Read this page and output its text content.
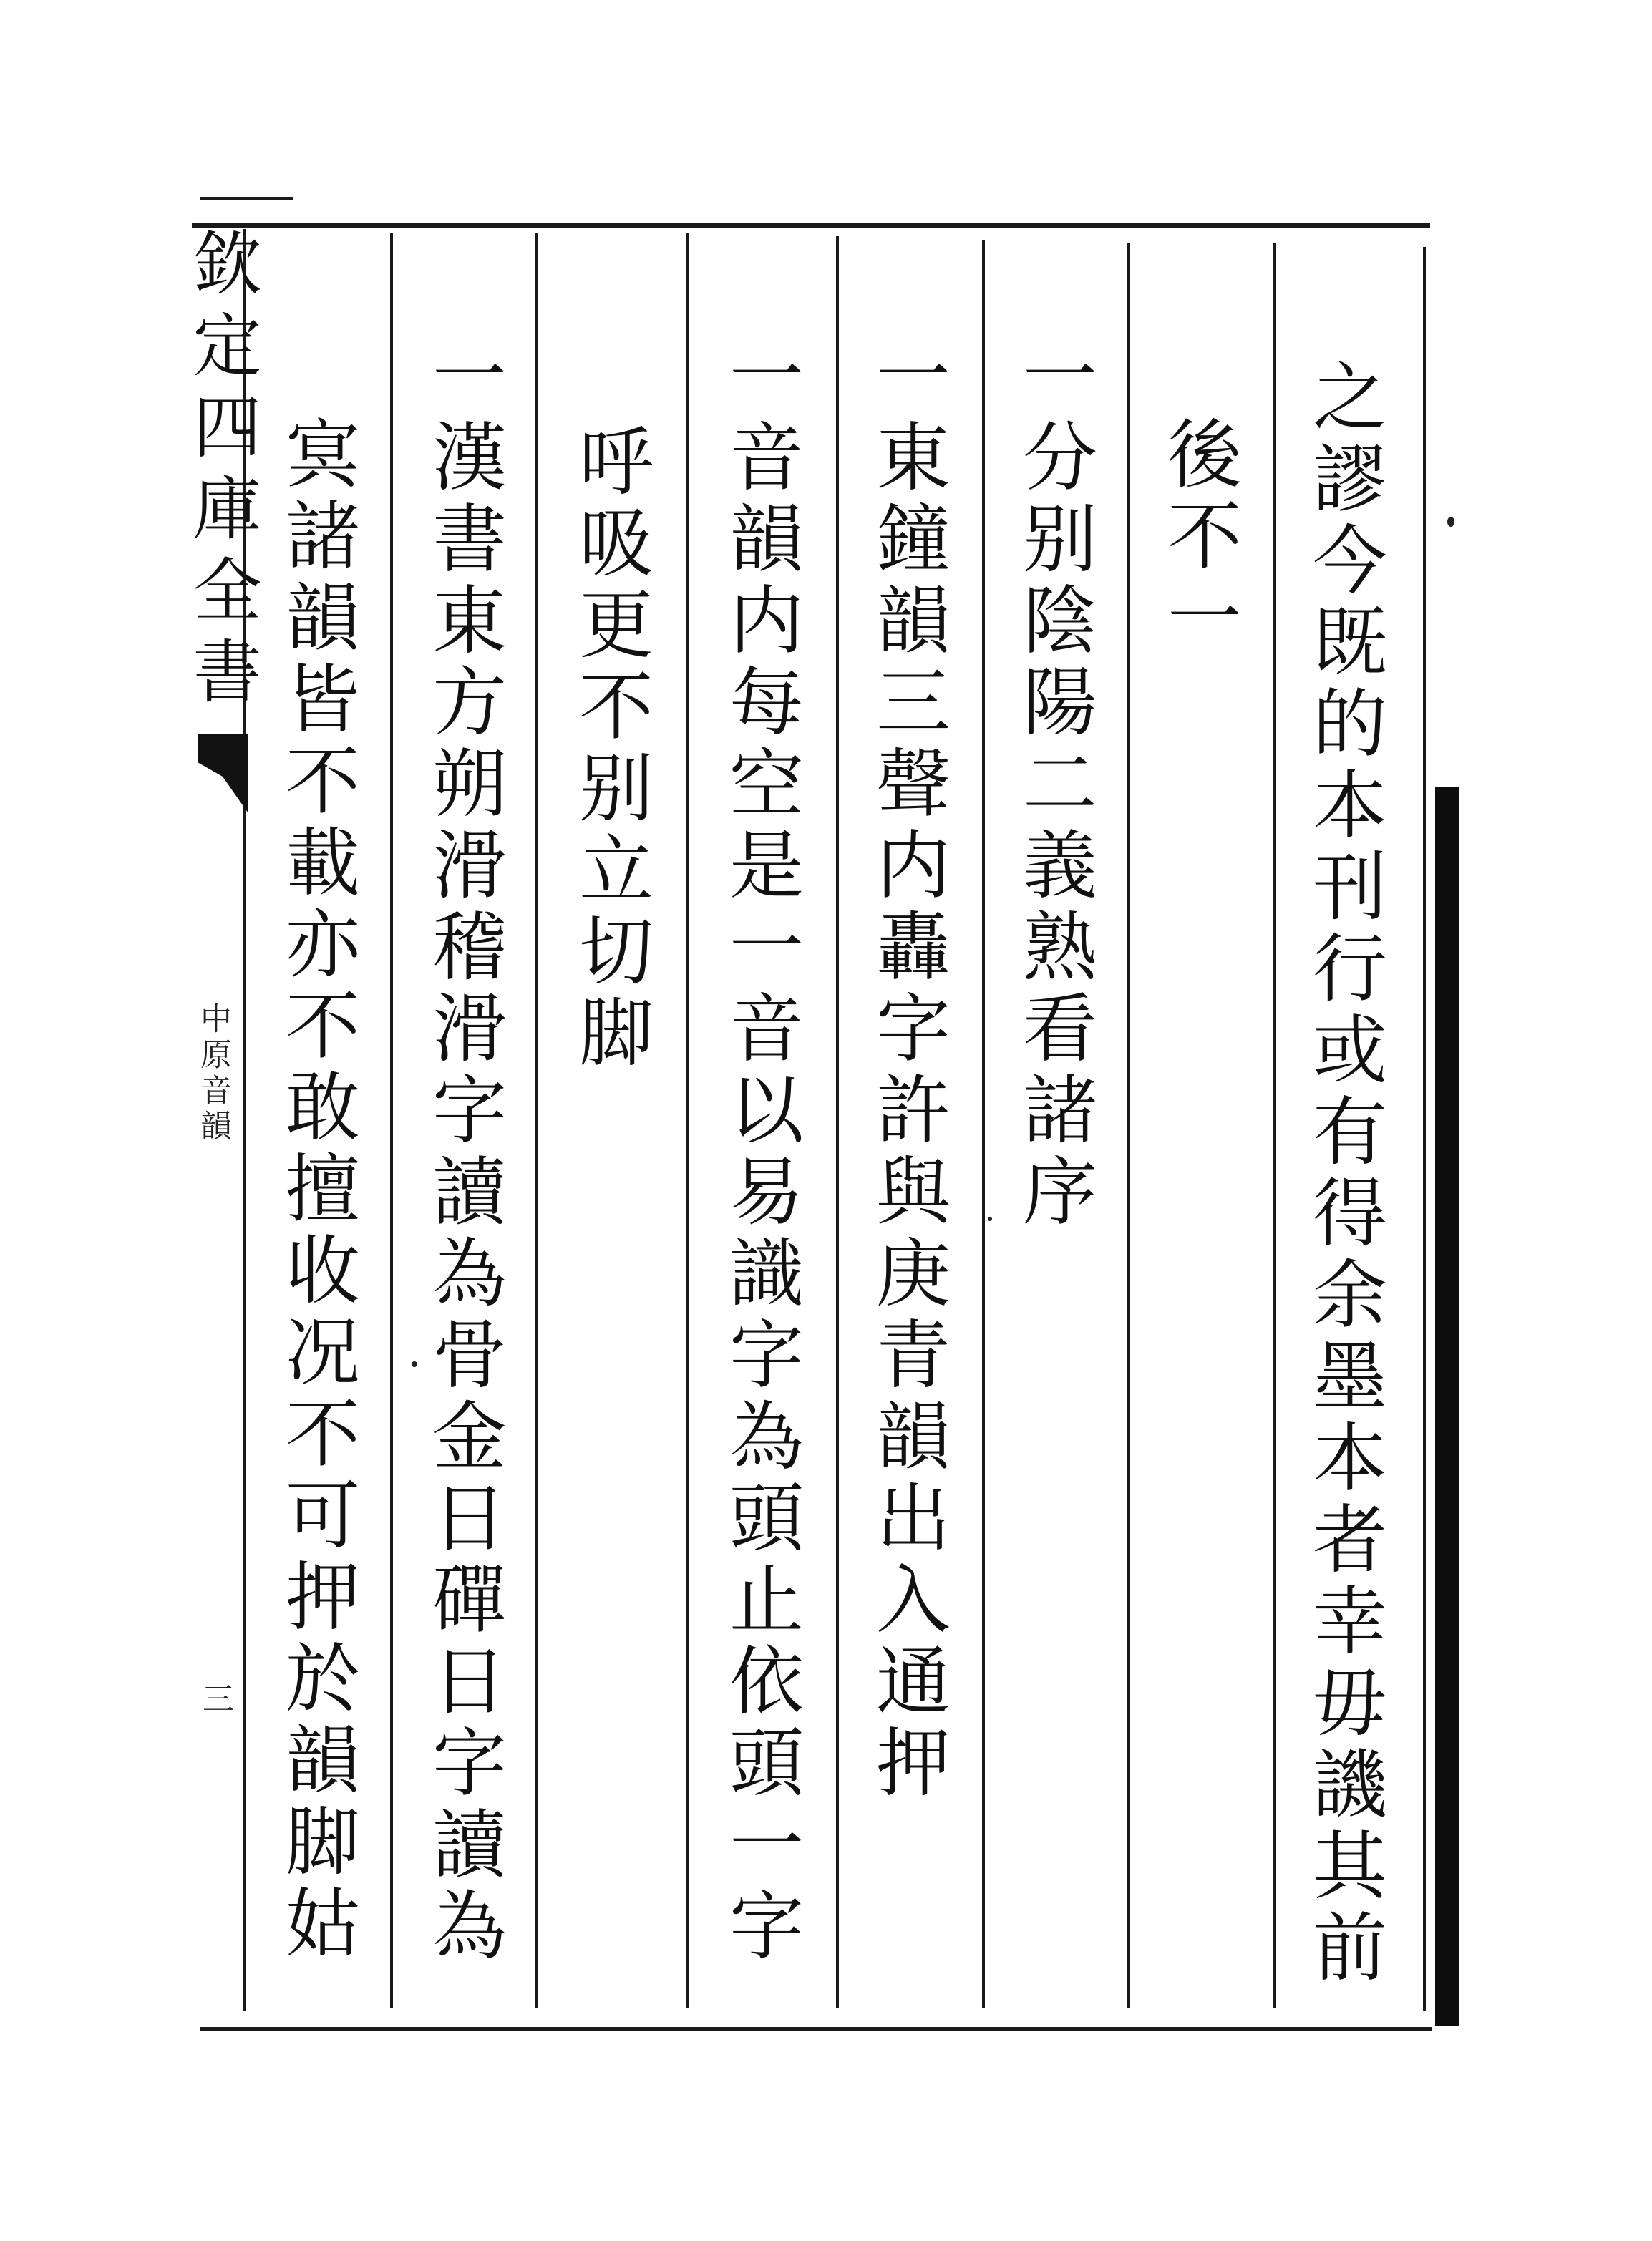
欽定四庫全書
中原音韻
三	之謬今既的本刊行或有得余墨本者幸毋譏其前
後不一
一分别陰陽二義熟看諸序
一東鐘韻三聲内轟字許與庚青韻出入通押
一音韻内每空是一音以易識字為頭止依頭一字
呼吸更不别立切脚
一漢書東方朔滑稽滑字讀為骨金日磾日字讀為
㝠諸韻皆不載亦不敢擅收况不可押於韻脚姑
